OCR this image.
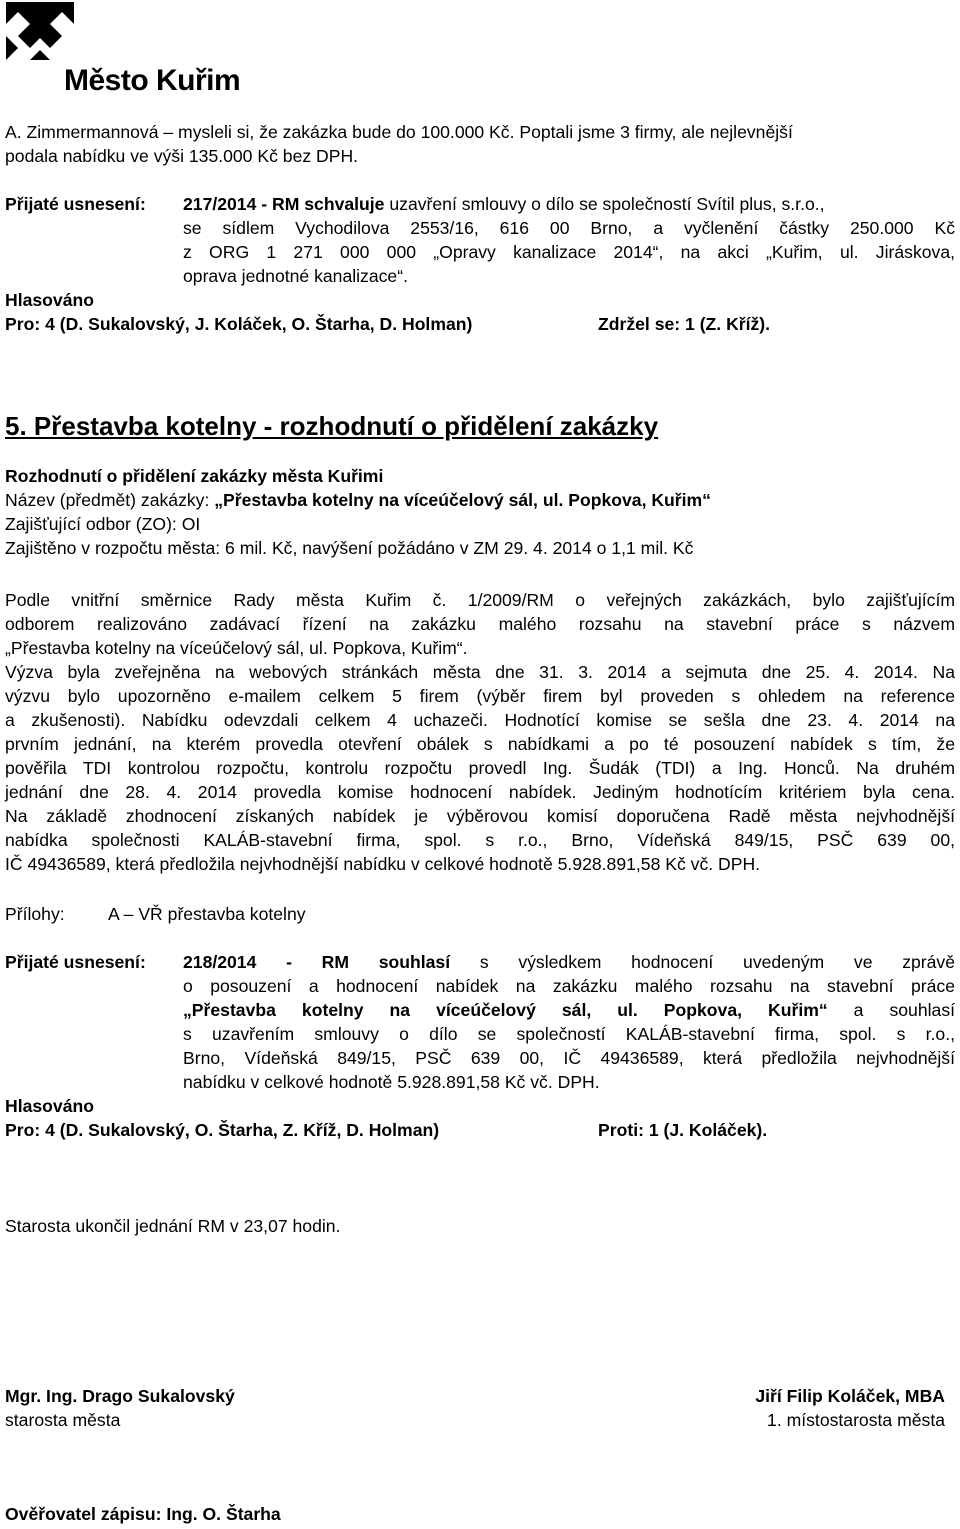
Město Kuřim
A. Zimmermannová – mysleli si, že zakázka bude do 100.000 Kč. Poptali jsme 3 firmy, ale nejlevnější
podala nabídku ve výši 135.000 Kč bez DPH.
Přijaté usnesení: 217/2014 - RM schvaluje uzavření smlouvy o dílo se společností Svítil plus, s.r.o.,
se sídlem Vychodilova 2553/16, 616 00 Brno, a vyčlenění částky 250.000 Kč
z ORG 1 271 000 000 „Opravy kanalizace 2014“, na akci „Kuřim, ul. Jiráskova,
oprava jednotné kanalizace“.
Hlasováno
Pro: 4 (D. Sukalovský, J. Koláček, O. Štarha, D. Holman)	Zdržel se: 1 (Z. Kříž).
5. Přestavba kotelny - rozhodnutí o přidělení zakázky
Rozhodnutí o přidělení zakázky města Kuřimi
Název (předmět) zakázky: „Přestavba kotelny na víceúčelový sál, ul. Popkova, Kuřim“
Zajišťující odbor (ZO): OI
Zajištěno v rozpočtu města: 6 mil. Kč, navýšení požádáno v ZM 29. 4. 2014 o 1,1 mil. Kč
Podle vnitřní směrnice Rady města Kuřim č. 1/2009/RM o veřejných zakázkách, bylo zajišťujícím
odborem realizováno zadávací řízení na zakázku malého rozsahu na stavební práce s názvem
„Přestavba kotelny na víceúčelový sál, ul. Popkova, Kuřim“.
Výzva byla zveřejněna na webových stránkách města dne 31. 3. 2014 a sejmuta dne 25. 4. 2014. Na
výzvu bylo upozorněno e-mailem celkem 5 firem (výběr firem byl proveden s ohledem na reference
a zkušenosti). Nabídku odevzdali celkem 4 uchazeči. Hodnotící komise se sešla dne 23. 4. 2014 na
prvním jednání, na kterém provedla otevření obálek s nabídkami a po té posouzení nabídek s tím, že
pověřila TDI kontrolou rozpočtu, kontrolu rozpočtu provedl Ing. Šudák (TDI) a Ing. Honců. Na druhém
jednání dne 28. 4. 2014 provedla komise hodnocení nabídek. Jediným hodnotícím kritériem byla cena.
Na základě zhodnocení získaných nabídek je výběrovou komisí doporučena Radě města nejvhodnější
nabídka společnosti KALÁB-stavební firma, spol. s r.o., Brno, Vídeňská 849/15, PSČ 639 00,
IČ 49436589, která předložila nejvhodnější nabídku v celkové hodnotě 5.928.891,58 Kč vč. DPH.
Přílohy: A – VŘ přestavba kotelny
Přijaté usnesení: 218/2014 - RM souhlasí s výsledkem hodnocení uvedeným ve zprávě
o posouzení a hodnocení nabídek na zakázku malého rozsahu na stavební práce
„Přestavba kotelny na víceúčelový sál, ul. Popkova, Kuřim“ a souhlasí
s uzavřením smlouvy o dílo se společností KALÁB-stavební firma, spol. s r.o.,
Brno, Vídeňská 849/15, PSČ 639 00, IČ 49436589, která předložila nejvhodnější
nabídku v celkové hodnotě 5.928.891,58 Kč vč. DPH.
Hlasováno
Pro: 4 (D. Sukalovský, O. Štarha, Z. Kříž, D. Holman)	Proti: 1 (J. Koláček).
Starosta ukončil jednání RM v 23,07 hodin.
Mgr. Ing. Drago Sukalovský
starosta města
Jiří Filip Koláček, MBA
1. místostarosta města
Ověřovatel zápisu: Ing. O. Štarha
